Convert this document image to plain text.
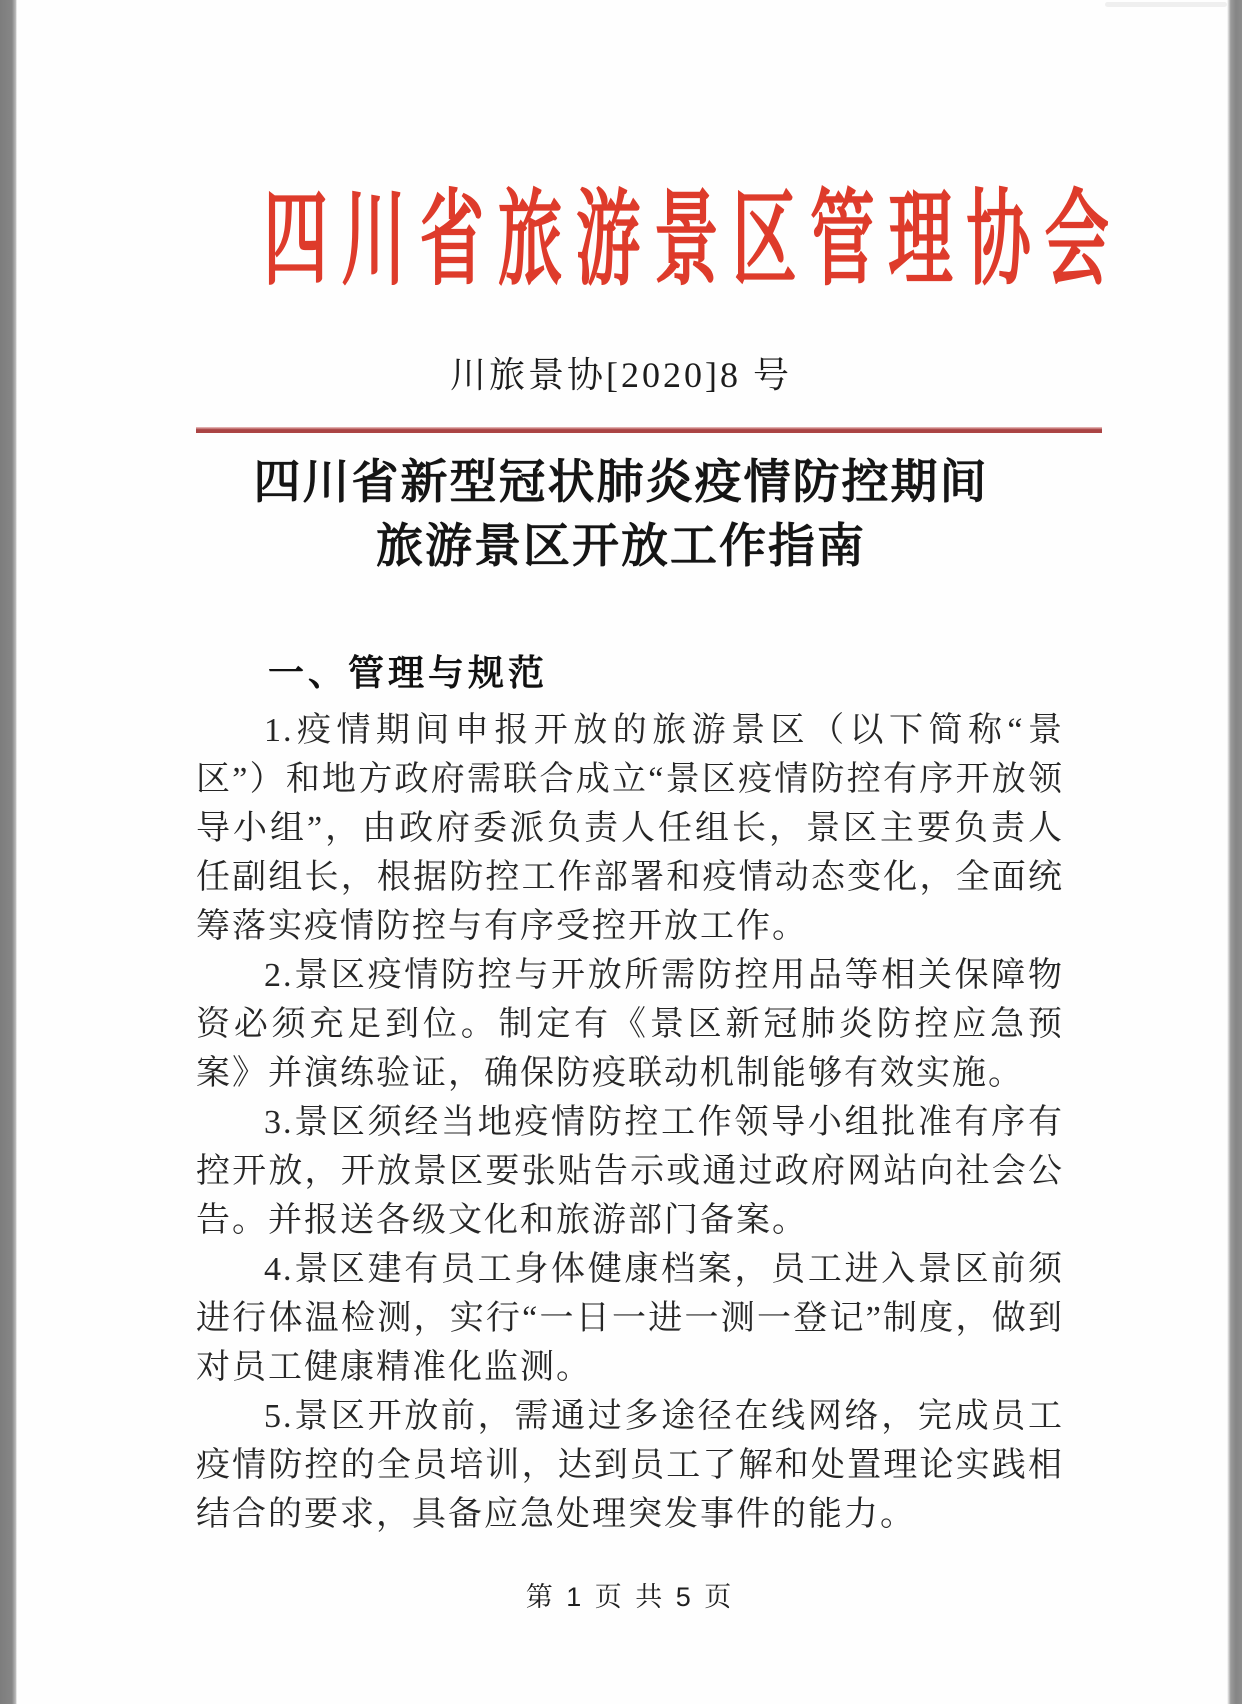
四川省旅游景区管理协会
川旅景协[2020]8 号
四川省新型冠状肺炎疫情防控期间
旅游景区开放工作指南
一、管理与规范

1.疫情期间申报开放的旅游景区（以下简称“景区”）和地方政府需联合成立“景区疫情防控有序开放领导小组”，由政府委派负责人任组长，景区主要负责人任副组长，根据防控工作部署和疫情动态变化，全面统筹落实疫情防控与有序受控开放工作。

2.景区疫情防控与开放所需防控用品等相关保障物资必须充足到位。制定有《景区新冠肺炎防控应急预案》并演练验证，确保防疫联动机制能够有效实施。

3.景区须经当地疫情防控工作领导小组批准有序有控开放，开放景区要张贴告示或通过政府网站向社会公告。并报送各级文化和旅游部门备案。

4.景区建有员工身体健康档案，员工进入景区前须进行体温检测，实行“一日一进一测一登记”制度，做到对员工健康精准化监测。

5.景区开放前，需通过多途径在线网络，完成员工疫情防控的全员培训，达到员工了解和处置理论实践相结合的要求，具备应急处理突发事件的能力。

第 1 页 共 5 页
